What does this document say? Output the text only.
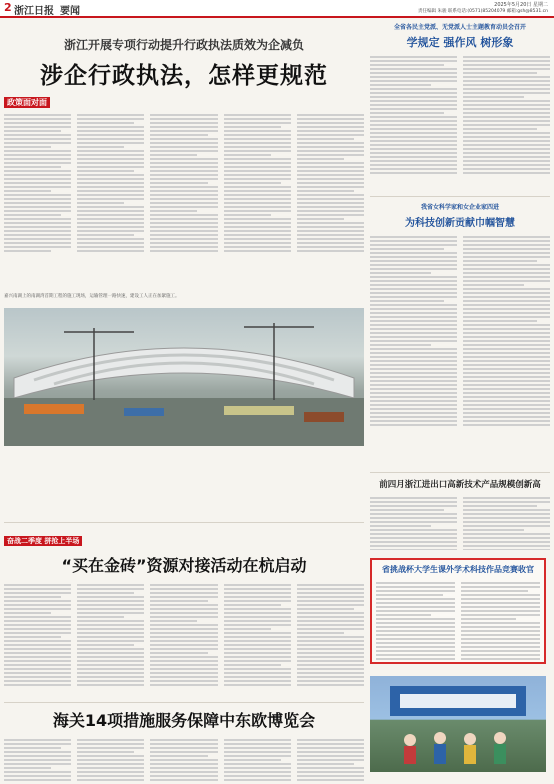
2 浙江日报 要闻
2025年5月20日 星期二
责任编辑 朱骏 联系电话:(0571)85204079 邮箱:gsh@8531.cn
浙江开展专项行动提升行政执法质效为企减负
涉企行政执法，怎样更规范
政策面对面
嘉兴南湖上的南湖湾首期工程的施工现场，运输管理一路快速，建设工人正在加紧施工。
全省各民主党派、无党派人士主题教育动员会召开
学规定 强作风 树形象
我省女科学家和女企业家四进
为科技创新贡献巾帼智慧
前四月浙江进出口高新技术产品规模创新高
奋战二季度 拼抢上半场
“买在金砖”资源对接活动在杭启动	省挑战杯大学生课外学术科技作品竞赛收官
海关14项措施服务保障中东欧博览会
